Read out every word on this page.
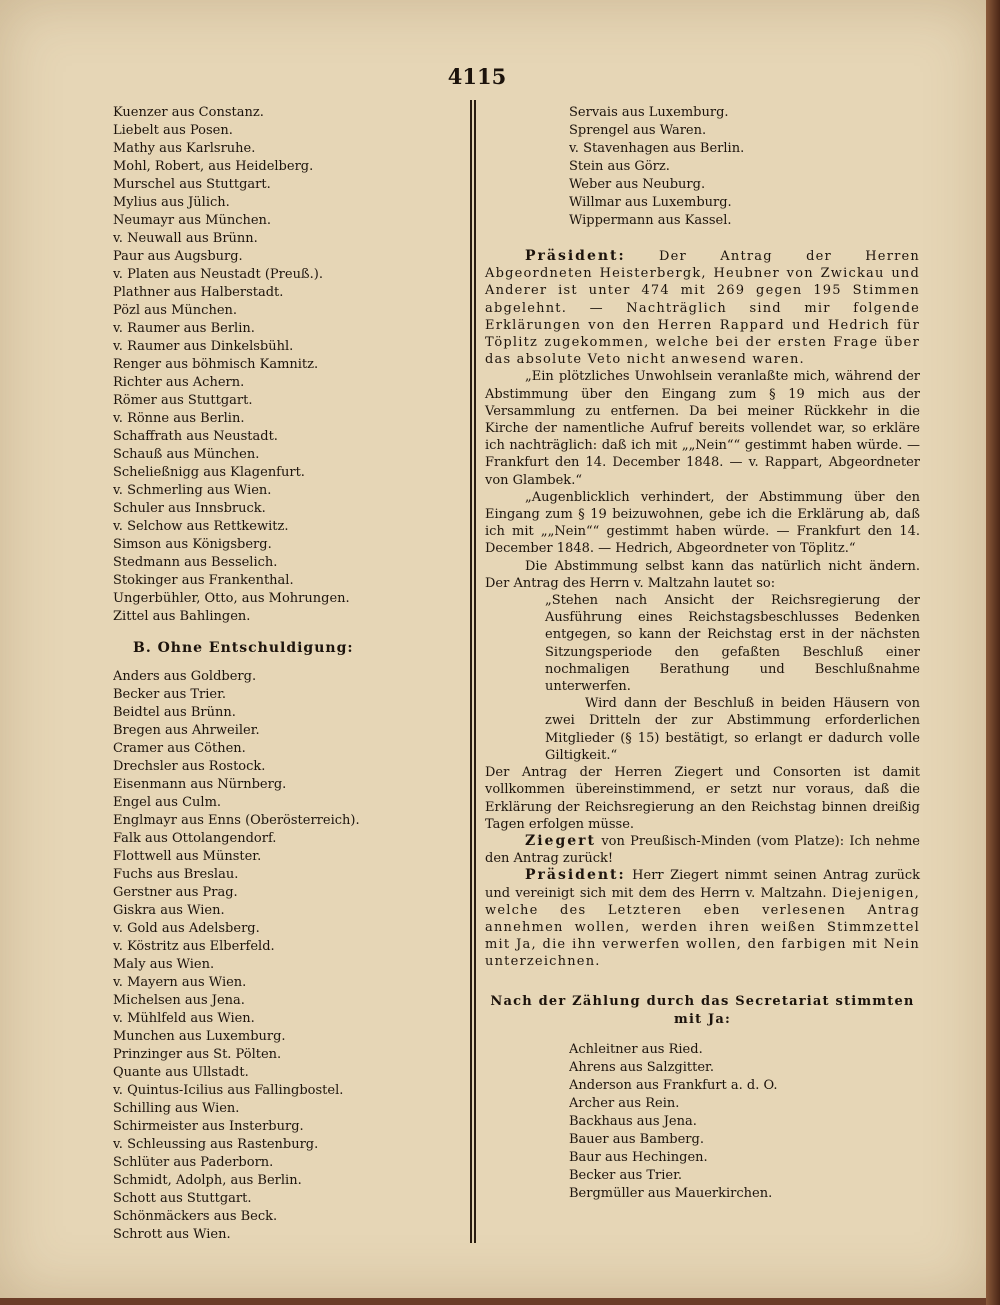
4115
Kuenzer aus Constanz.
Liebelt aus Posen.
Mathy aus Karlsruhe.
Mohl, Robert, aus Heidelberg.
Murschel aus Stuttgart.
Mylius aus Jülich.
Neumayr aus München.
v. Neuwall aus Brünn.
Paur aus Augsburg.
v. Platen aus Neustadt (Preuß.).
Plathner aus Halberstadt.
Pözl aus München.
v. Raumer aus Berlin.
v. Raumer aus Dinkelsbühl.
Renger aus böhmisch Kamnitz.
Richter aus Achern.
Römer aus Stuttgart.
v. Rönne aus Berlin.
Schaffrath aus Neustadt.
Schauß aus München.
Scheließnigg aus Klagenfurt.
v. Schmerling aus Wien.
Schuler aus Innsbruck.
v. Selchow aus Rettkewitz.
Simson aus Königsberg.
Stedmann aus Besselich.
Stokinger aus Frankenthal.
Ungerbühler, Otto, aus Mohrungen.
Zittel aus Bahlingen.
B. Ohne Entschuldigung:
Anders aus Goldberg.
Becker aus Trier.
Beidtel aus Brünn.
Bregen aus Ahrweiler.
Cramer aus Cöthen.
Drechsler aus Rostock.
Eisenmann aus Nürnberg.
Engel aus Culm.
Englmayr aus Enns (Oberösterreich).
Falk aus Ottolangendorf.
Flottwell aus Münster.
Fuchs aus Breslau.
Gerstner aus Prag.
Giskra aus Wien.
v. Gold aus Adelsberg.
v. Köstritz aus Elberfeld.
Maly aus Wien.
v. Mayern aus Wien.
Michelsen aus Jena.
v. Mühlfeld aus Wien.
Munchen aus Luxemburg.
Prinzinger aus St. Pölten.
Quante aus Ullstadt.
v. Quintus-Icilius aus Fallingbostel.
Schilling aus Wien.
Schirmeister aus Insterburg.
v. Schleussing aus Rastenburg.
Schlüter aus Paderborn.
Schmidt, Adolph, aus Berlin.
Schott aus Stuttgart.
Schönmäckers aus Beck.
Schrott aus Wien.
Servais aus Luxemburg.
Sprengel aus Waren.
v. Stavenhagen aus Berlin.
Stein aus Görz.
Weber aus Neuburg.
Willmar aus Luxemburg.
Wippermann aus Kassel.

Präsident:	Der Antrag der Herren Abgeordneten Heisterbergk, Heubner von Zwickau und Anderer ist unter 474 mit 269 gegen 195 Stimmen abgelehnt. — Nachträglich sind mir folgende Erklärungen von den Herren Rappard und Hedrich für Töplitz zugekommen, welche bei der ersten Frage über das absolute Veto nicht anwesend waren.

„Ein plötzliches Unwohlsein veranlaßte mich, während der Abstimmung über den Eingang zum § 19 mich aus der Versammlung zu entfernen. Da bei meiner Rückkehr in die Kirche der namentliche Aufruf bereits vollendet war, so erkläre ich nachträglich: daß ich mit „„Nein““ gestimmt haben würde. — Frankfurt den 14. December 1848. — v. Rappart, Abgeordneter von Glambek.“

„Augenblicklich verhindert, der Abstimmung über den Eingang zum § 19 beizuwohnen, gebe ich die Erklärung ab, daß ich mit „„Nein““ gestimmt haben würde. — Frankfurt den 14. December 1848. — Hedrich, Abgeordneter von Töplitz.“

Die Abstimmung selbst kann das natürlich nicht ändern. Der Antrag des Herrn v. Maltzahn lautet so:

„Stehen nach Ansicht der Reichsregierung der Ausführung eines Reichstagsbeschlusses Bedenken entgegen, so kann der Reichstag erst in der nächsten Sitzungsperiode den gefaßten Beschluß einer nochmaligen Berathung und Beschlußnahme unterwerfen.

Wird dann der Beschluß in beiden Häusern von zwei Dritteln der zur Abstimmung erforderlichen Mitglieder (§ 15) bestätigt, so erlangt er dadurch volle Giltigkeit.“

Der Antrag der Herren Ziegert und Consorten ist damit vollkommen übereinstimmend, er setzt nur voraus, daß die Erklärung der Reichsregierung an den Reichstag binnen dreißig Tagen erfolgen müsse.

Ziegert von Preußisch-Minden (vom Platze): Ich nehme den Antrag zurück!

Präsident: Herr Ziegert nimmt seinen Antrag zurück und vereinigt sich mit dem des Herrn v. Maltzahn. Diejenigen, welche des Letzteren eben verlesenen Antrag annehmen wollen, werden ihren weißen Stimmzettel mit Ja, die ihn verwerfen wollen, den farbigen mit Nein unterzeichnen.

Nach der Zählung durch das Secretariat stimmten
mit Ja:
Achleitner aus Ried.
Ahrens aus Salzgitter.
Anderson aus Frankfurt a. d. O.
Archer aus Rein.
Backhaus aus Jena.
Bauer aus Bamberg.
Baur aus Hechingen.
Becker aus Trier.
Bergmüller aus Mauerkirchen.
